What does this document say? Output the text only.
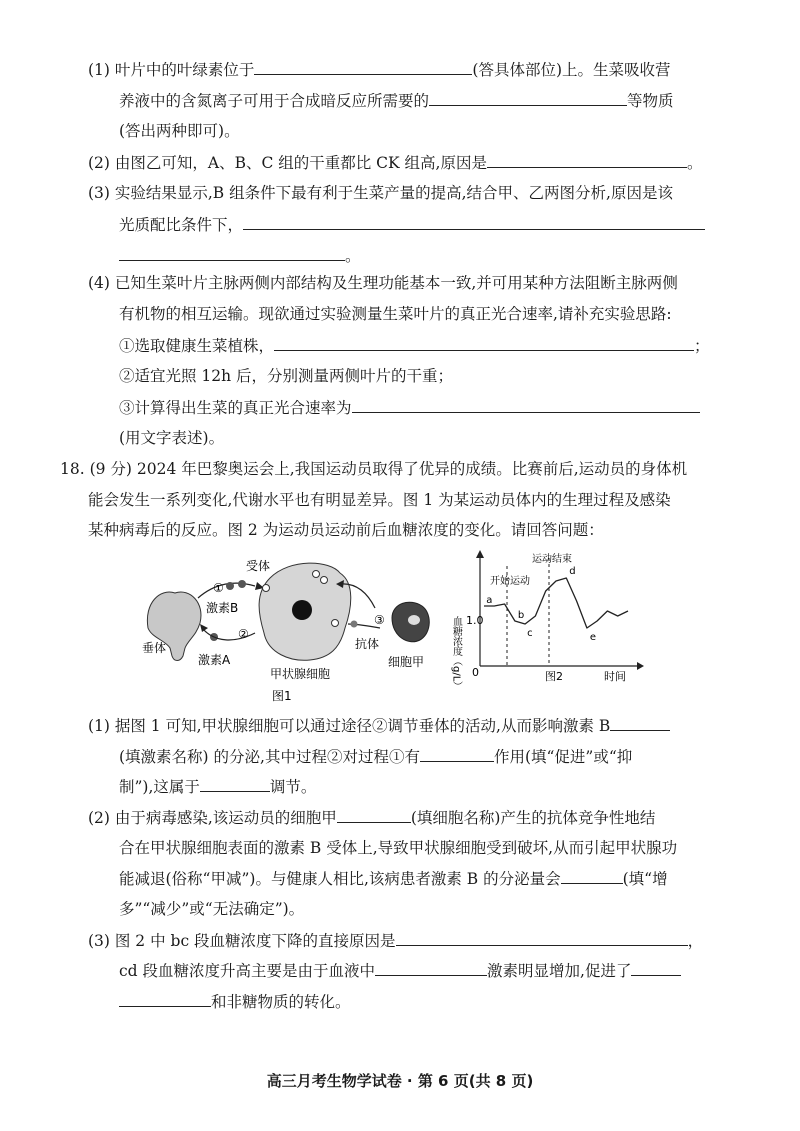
(1) 叶片中的叶绿素位于	(答具体部位)上。生菜吸收营
养液中的含氮离子可用于合成暗反应所需要的	等物质
(答出两种即可)。
(2) 由图乙可知，A、B、C 组的干重都比 CK 组高,原因是	。
(3) 实验结果显示,B 组条件下最有利于生菜产量的提高,结合甲、乙两图分析,原因是该
光质配比条件下，
。
(4) 已知生菜叶片主脉两侧内部结构及生理功能基本一致,并可用某种方法阻断主脉两侧
有机物的相互运输。现欲通过实验测量生菜叶片的真正光合速率,请补充实验思路:
①选取健康生菜植株，	；
②适宜光照 12h 后，分别测量两侧叶片的干重；
③计算得出生菜的真正光合速率为
(用文字表述)。
18. (9 分) 2024 年巴黎奥运会上,我国运动员取得了优异的成绩。比赛前后,运动员的身体机
能会发生一系列变化,代谢水平也有明显差异。图 1 为某运动员体内的生理过程及感染
某种病毒后的反应。图 2 为运动员运动前后血糖浓度的变化。请回答问题：
垂体
②
激素A
①
激素B
受体
甲状腺细胞
③
抗体
细胞甲
图1
血糖浓度（g/L） 1.0
0
开始运动
运动结束
a
b
c
d
e
图2	时间
(1) 据图 1 可知,甲状腺细胞可以通过途径②调节垂体的活动,从而影响激素 B
(填激素名称) 的分泌,其中过程②对过程①有	作用(填“促进”或“抑
制”),这属于	调节。
(2) 由于病毒感染,该运动员的细胞甲	(填细胞名称)产生的抗体竞争性地结
合在甲状腺细胞表面的激素 B 受体上,导致甲状腺细胞受到破坏,从而引起甲状腺功
能减退(俗称“甲减”)。与健康人相比,该病患者激素 B 的分泌量会	(填“增
多”“减少”或“无法确定”)。
(3) 图 2 中 bc 段血糖浓度下降的直接原因是	，
cd 段血糖浓度升高主要是由于血液中	激素明显增加,促进了
和非糖物质的转化。
高三月考生物学试卷 · 第 6 页(共 8 页)
